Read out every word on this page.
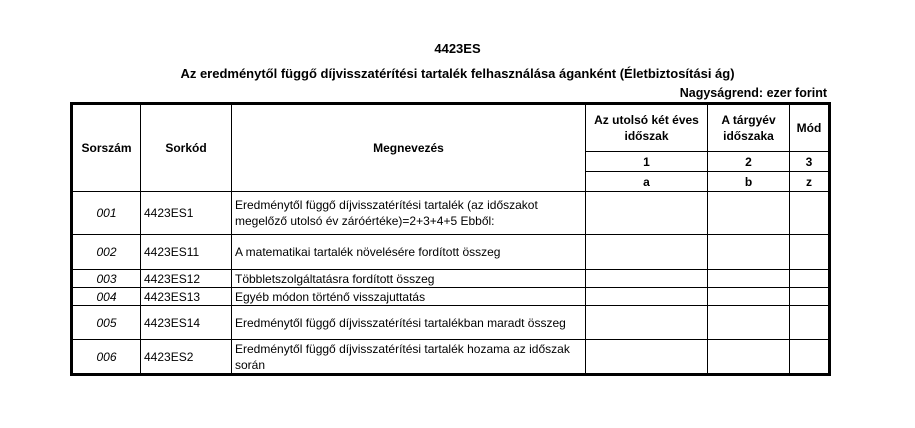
4423ES
Az eredménytől függő díjvisszatérítési tartalék felhasználása áganként (Életbiztosítási ág)
Nagyságrend: ezer forint
Sorszám	Sorkód	Megnevezés	Az utolsó két éves időszak	A tárgyév időszaka	Mód
			1	2	3
			a	b	z
001	4423ES1	Eredménytől függő díjvisszatérítési tartalék (az időszakot megelőző utolsó év záróértéke)=2+3+4+5 Ebből:			
002	4423ES11	A matematikai tartalék növelésére fordított összeg			
003	4423ES12	Többletszolgáltatásra fordított összeg			
004	4423ES13	Egyéb módon történő visszajuttatás			
005	4423ES14	Eredménytől függő díjvisszatérítési tartalékban maradt összeg			
006	4423ES2	Eredménytől függő díjvisszatérítési tartalék hozama az időszak során			
